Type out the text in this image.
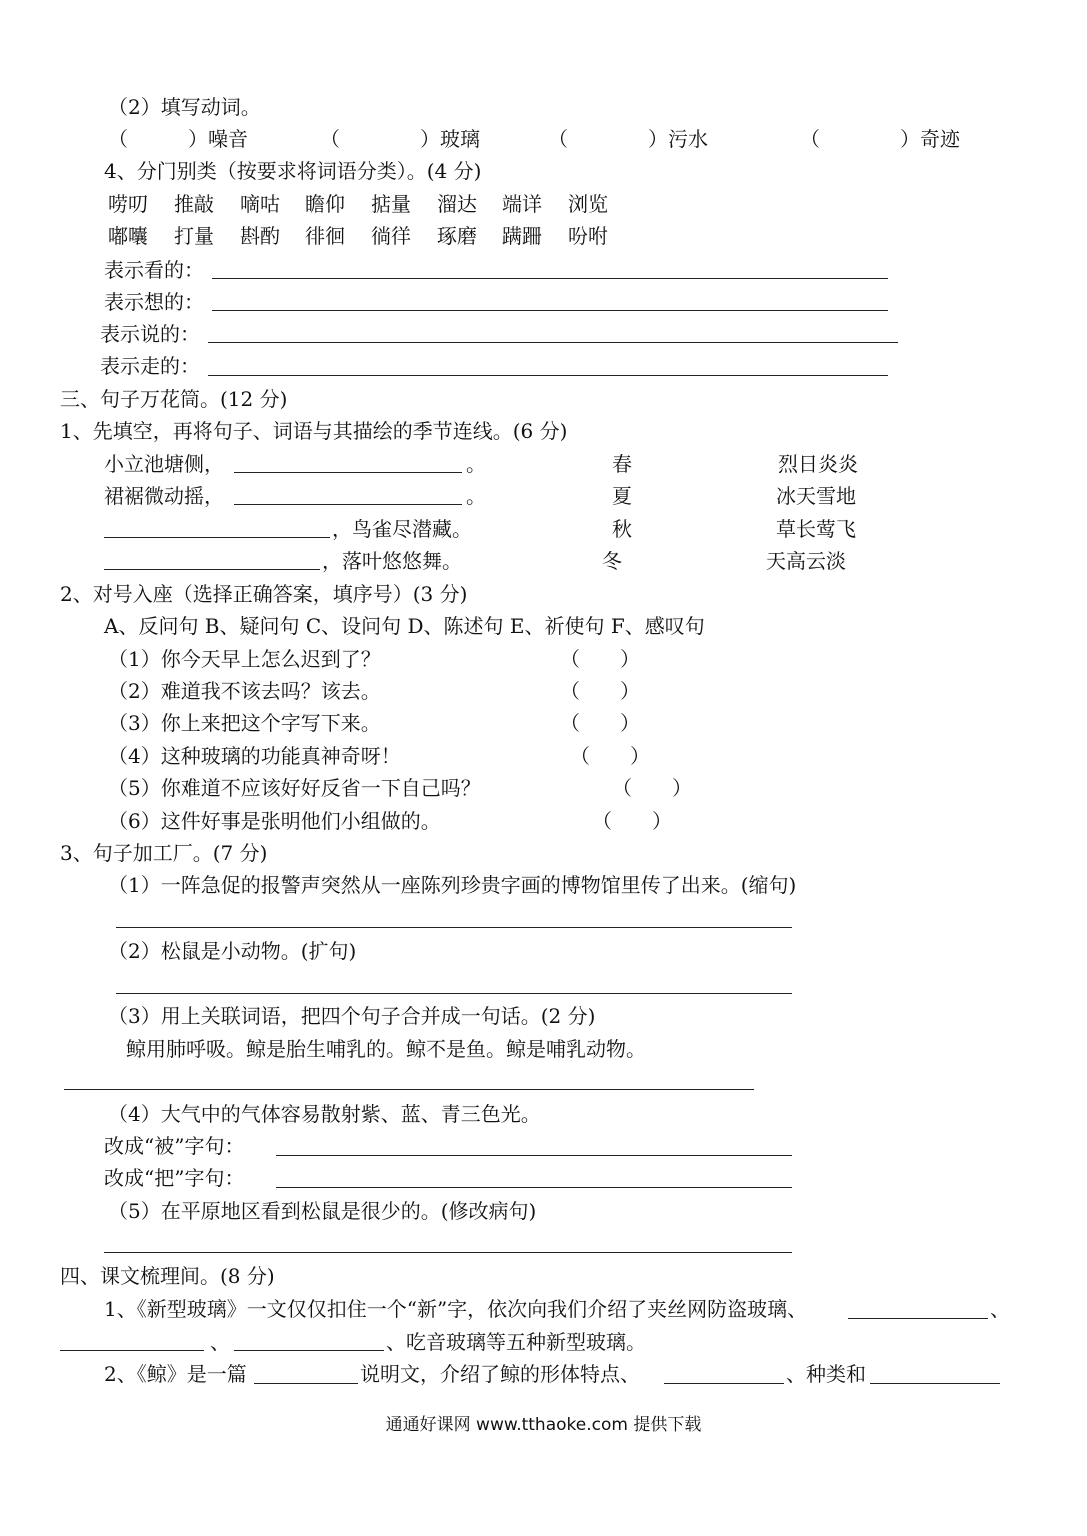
（2）填写动词。
（　　　）噪音	（　　　　）玻璃	（　　　　）污水	（　　　　）奇迹
4、分门别类（按要求将词语分类）。(4 分)
唠叨 推敲 嘀咕 瞻仰 掂量 溜达 端详 浏览
嘟囔 打量 斟酌 徘徊 徜徉 琢磨 蹒跚 吩咐
表示看的：
表示想的：
表示说的：
表示走的：
三、句子万花筒。(12 分)
1、先填空，再将句子、词语与其描绘的季节连线。(6 分)
小立池塘侧，	。	春	烈日炎炎
裙裾微动摇，	。	夏	冰天雪地
，鸟雀尽潜藏。	秋	草长莺飞
，落叶悠悠舞。	冬	天高云淡
2、对号入座（选择正确答案，填序号）(3 分)
A、反问句 B、疑问句 C、设问句 D、陈述句 E、祈使句 F、感叹句
（1）你今天早上怎么迟到了？	（　　）
（2）难道我不该去吗？该去。	（　　）
（3）你上来把这个字写下来。	（　　）
（4）这种玻璃的功能真神奇呀！	（　　）
（5）你难道不应该好好反省一下自己吗？	（　　）
（6）这件好事是张明他们小组做的。	（　　）
3、句子加工厂。(7 分)
（1）一阵急促的报警声突然从一座陈列珍贵字画的博物馆里传了出来。(缩句)
（2）松鼠是小动物。(扩句)
（3）用上关联词语，把四个句子合并成一句话。(2 分)
鲸用肺呼吸。鲸是胎生哺乳的。鲸不是鱼。鲸是哺乳动物。
（4）大气中的气体容易散射紫、蓝、青三色光。
改成“被”字句：
改成“把”字句：
（5）在平原地区看到松鼠是很少的。(修改病句)
四、课文梳理间。(8 分)
1、《新型玻璃》一文仅仅扣住一个“新”字，依次向我们介绍了夹丝网防盗玻璃、	、
、	、吃音玻璃等五种新型玻璃。
2、《鲸》是一篇	说明文，介绍了鲸的形体特点、	、种类和
通通好课网 www.tthaoke.com 提供下载
